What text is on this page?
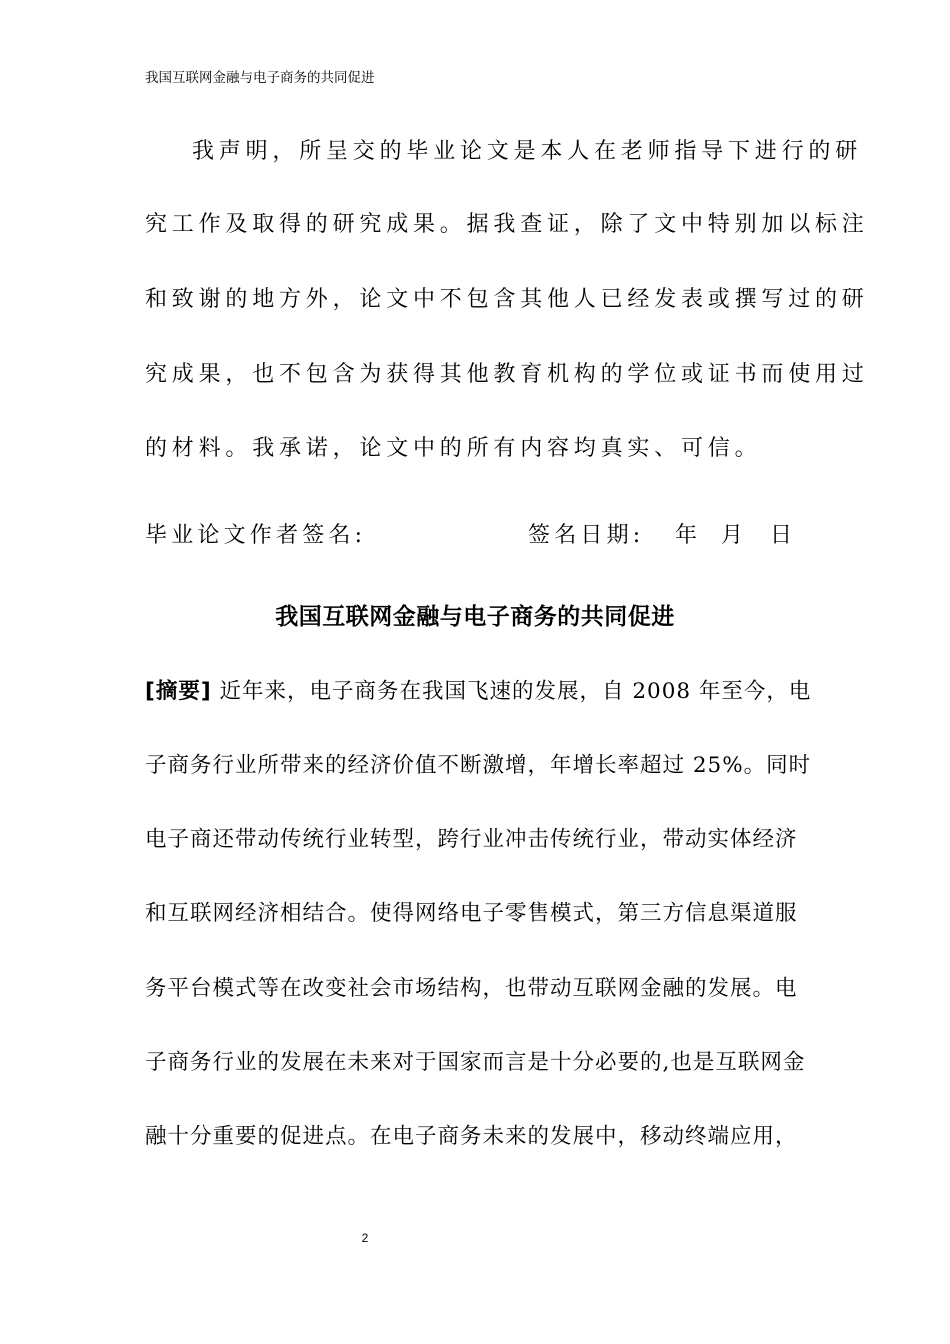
我国互联网金融与电子商务的共同促进
我声明，所呈交的毕业论文是本人在老师指导下进行的研
究工作及取得的研究成果。据我查证，除了文中特别加以标注
和致谢的地方外，论文中不包含其他人已经发表或撰写过的研
究成果，也不包含为获得其他教育机构的学位或证书而使用过
的材料。我承诺，论文中的所有内容均真实、可信。
毕业论文作者签名:	签名日期: 年 月 日
我国互联网金融与电子商务的共同促进
[摘要] 近年来，电子商务在我国飞速的发展，自 2008 年至今，电
子商务行业所带来的经济价值不断激增，年增长率超过 25%。同时
电子商还带动传统行业转型，跨行业冲击传统行业，带动实体经济
和互联网经济相结合。使得网络电子零售模式，第三方信息渠道服
务平台模式等在改变社会市场结构，也带动互联网金融的发展。电
子商务行业的发展在未来对于国家而言是十分必要的,也是互联网金
融十分重要的促进点。在电子商务未来的发展中，移动终端应用，
2
